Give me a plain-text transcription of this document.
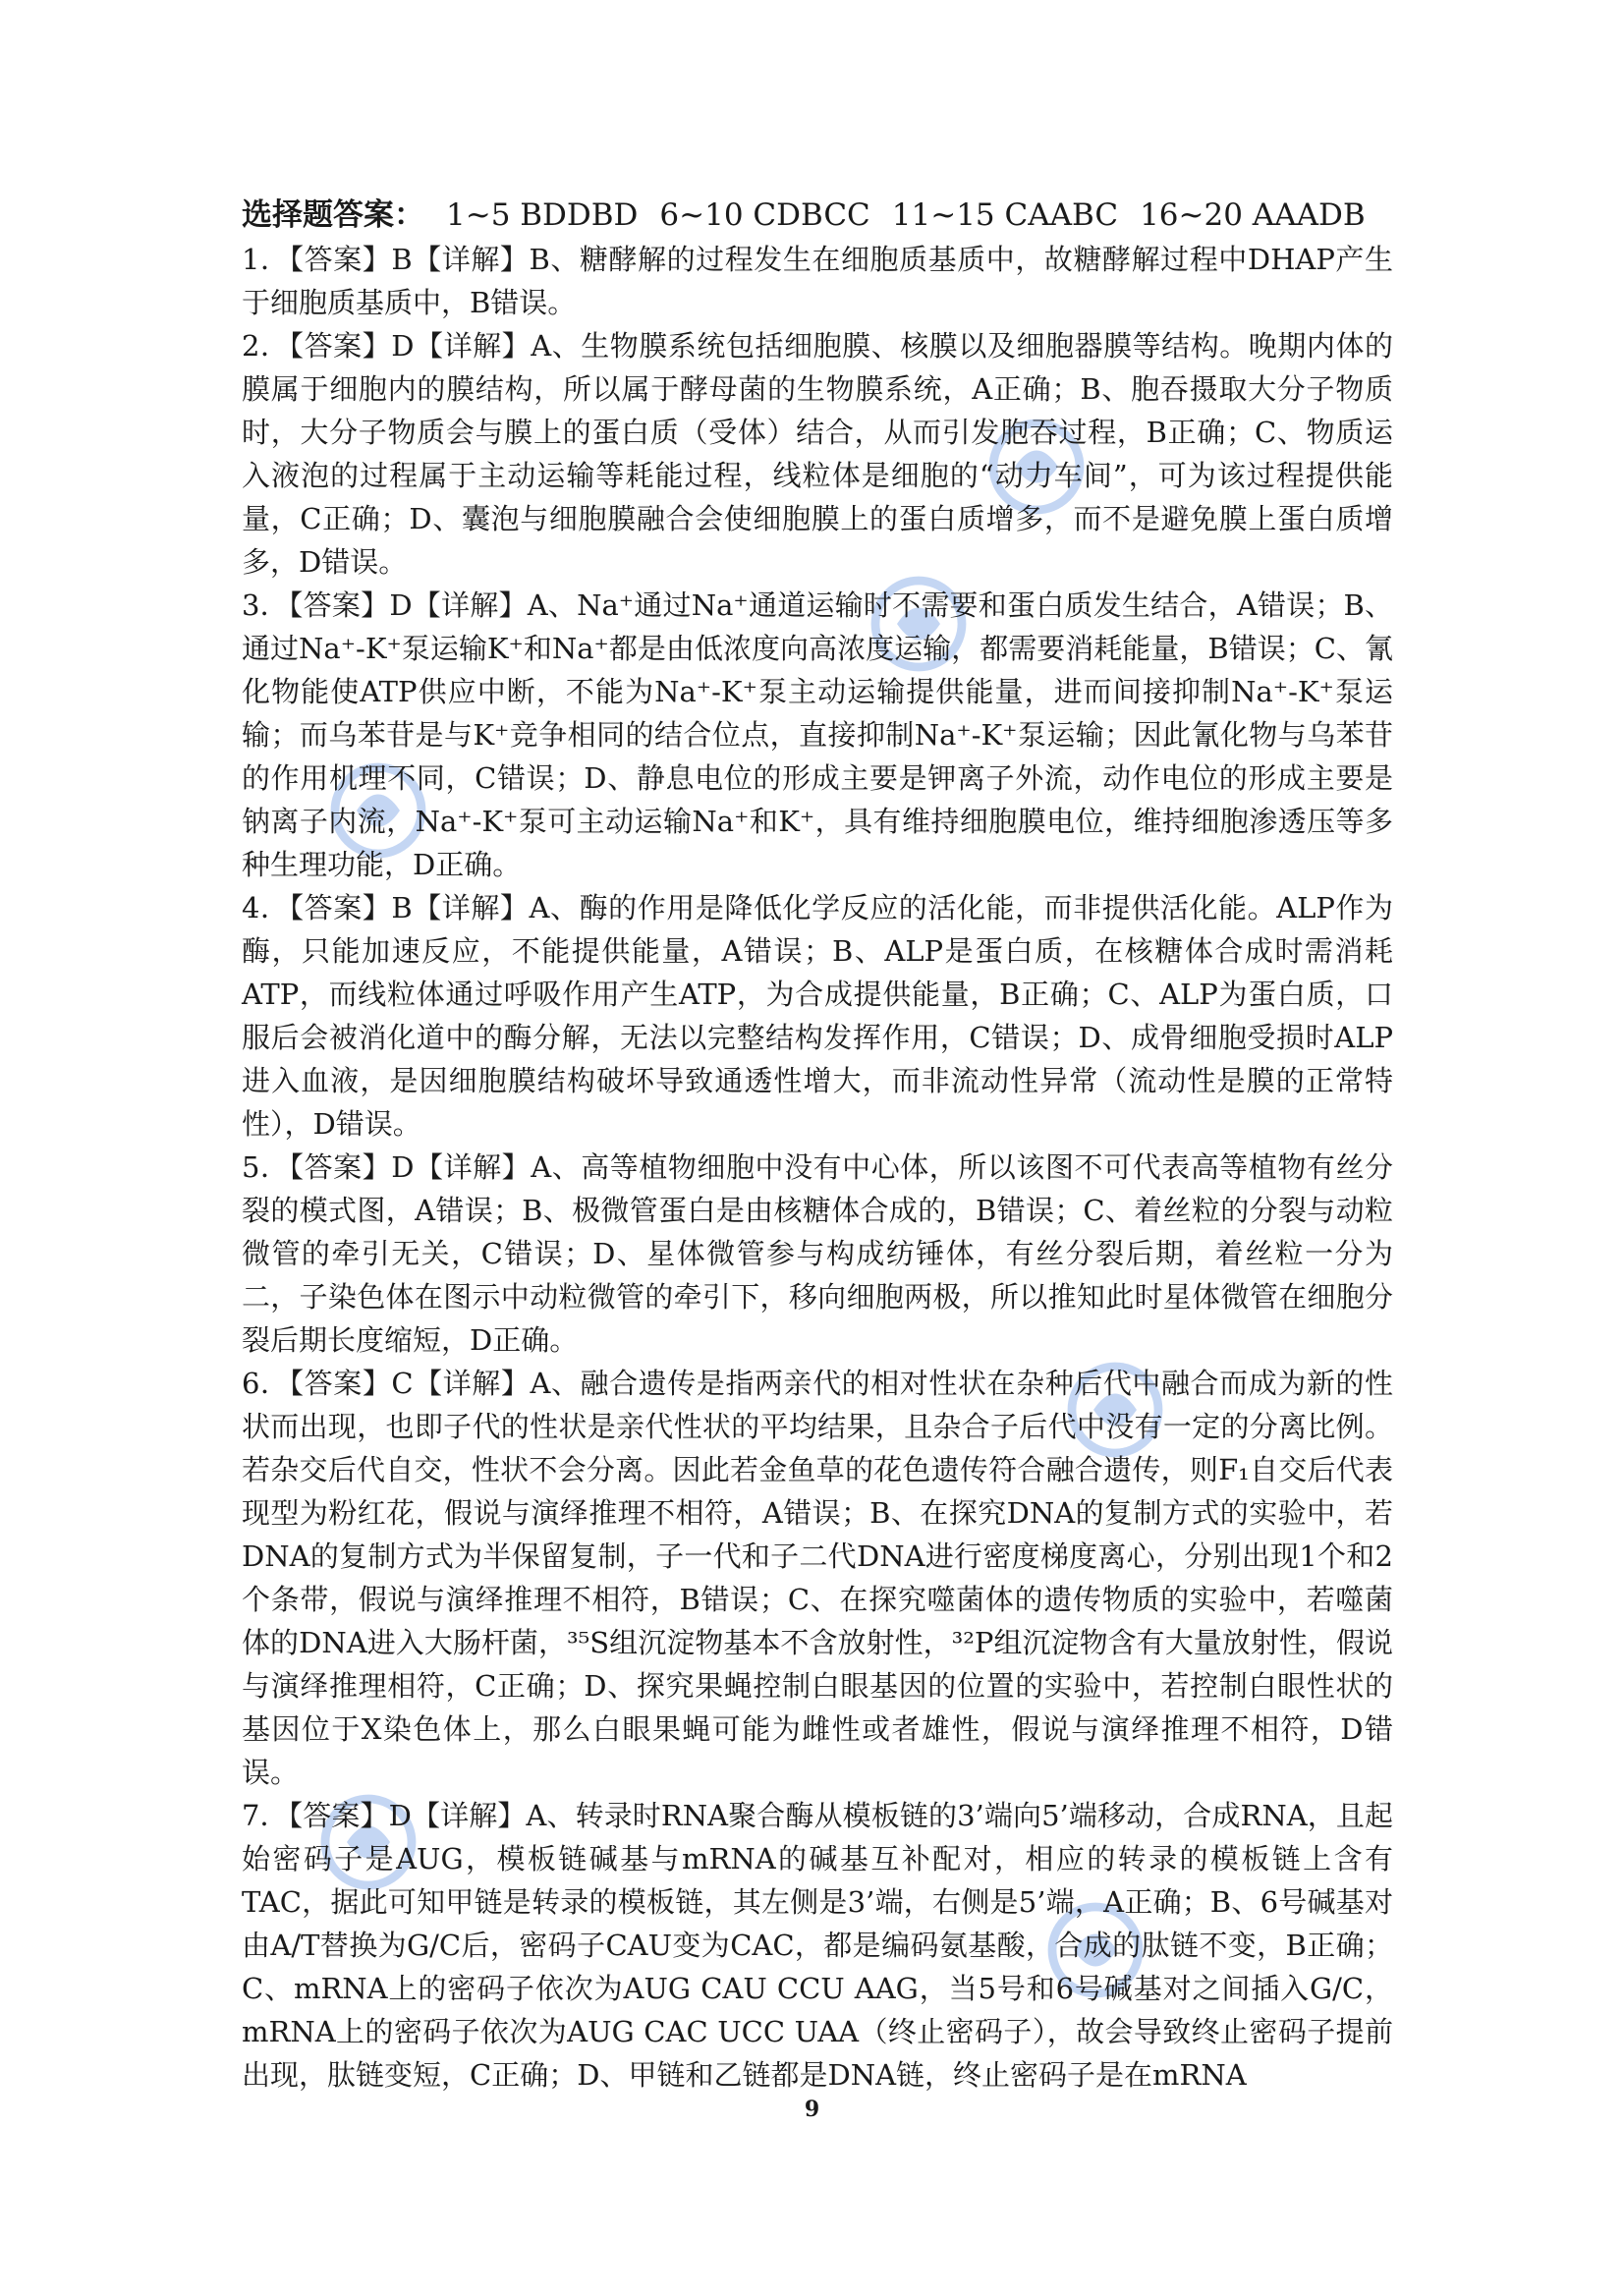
选择题答案： 1~5 BDDBD 6~10 CDBCC 11~15 CAABC 16~20 AAADB

1．【答案】B【详解】B、糖酵解的过程发生在细胞质基质中，故糖酵解过程中DHAP产生于细胞质基质中，B错误。

2．【答案】D【详解】A、生物膜系统包括细胞膜、核膜以及细胞器膜等结构。晚期内体的膜属于细胞内的膜结构，所以属于酵母菌的生物膜系统，A正确；B、胞吞摄取大分子物质时，大分子物质会与膜上的蛋白质（受体）结合，从而引发胞吞过程，B正确；C、物质运入液泡的过程属于主动运输等耗能过程，线粒体是细胞的“动力车间”，可为该过程提供能量，C正确；D、囊泡与细胞膜融合会使细胞膜上的蛋白质增多，而不是避免膜上蛋白质增多，D错误。

3．【答案】D【详解】A、Na⁺通过Na⁺通道运输时不需要和蛋白质发生结合，A错误；B、通过Na⁺-K⁺泵运输K⁺和Na⁺都是由低浓度向高浓度运输，都需要消耗能量，B错误；C、氰化物能使ATP供应中断，不能为Na⁺-K⁺泵主动运输提供能量，进而间接抑制Na⁺-K⁺泵运输；而乌苯苷是与K⁺竞争相同的结合位点，直接抑制Na⁺-K⁺泵运输；因此氰化物与乌苯苷的作用机理不同，C错误；D、静息电位的形成主要是钾离子外流，动作电位的形成主要是钠离子内流，Na⁺-K⁺泵可主动运输Na⁺和K⁺，具有维持细胞膜电位，维持细胞渗透压等多种生理功能，D正确。

4．【答案】B【详解】A、酶的作用是降低化学反应的活化能，而非提供活化能。ALP作为酶，只能加速反应，不能提供能量，A错误；B、ALP是蛋白质，在核糖体合成时需消耗ATP，而线粒体通过呼吸作用产生ATP，为合成提供能量，B正确；C、ALP为蛋白质，口服后会被消化道中的酶分解，无法以完整结构发挥作用，C错误；D、成骨细胞受损时ALP进入血液，是因细胞膜结构破坏导致通透性增大，而非流动性异常（流动性是膜的正常特性），D错误。

5．【答案】D【详解】A、高等植物细胞中没有中心体，所以该图不可代表高等植物有丝分裂的模式图，A错误；B、极微管蛋白是由核糖体合成的，B错误；C、着丝粒的分裂与动粒微管的牵引无关，C错误；D、星体微管参与构成纺锤体，有丝分裂后期，着丝粒一分为二，子染色体在图示中动粒微管的牵引下，移向细胞两极，所以推知此时星体微管在细胞分裂后期长度缩短，D正确。

6．【答案】C【详解】A、融合遗传是指两亲代的相对性状在杂种后代中融合而成为新的性状而出现，也即子代的性状是亲代性状的平均结果，且杂合子后代中没有一定的分离比例。若杂交后代自交，性状不会分离。因此若金鱼草的花色遗传符合融合遗传，则F₁自交后代表现型为粉红花，假说与演绎推理不相符，A错误；B、在探究DNA的复制方式的实验中，若DNA的复制方式为半保留复制，子一代和子二代DNA进行密度梯度离心，分别出现1个和2个条带，假说与演绎推理不相符，B错误；C、在探究噬菌体的遗传物质的实验中，若噬菌体的DNA进入大肠杆菌，³⁵S组沉淀物基本不含放射性，³²P组沉淀物含有大量放射性，假说与演绎推理相符，C正确；D、探究果蝇控制白眼基因的位置的实验中，若控制白眼性状的基因位于X染色体上，那么白眼果蝇可能为雌性或者雄性，假说与演绎推理不相符，D错误。

7．【答案】D【详解】A、转录时RNA聚合酶从模板链的3’端向5’端移动，合成RNA，且起始密码子是AUG，模板链碱基与mRNA的碱基互补配对，相应的转录的模板链上含有TAC，据此可知甲链是转录的模板链，其左侧是3’端，右侧是5’端，A正确；B、6号碱基对由A/T替换为G/C后，密码子CAU变为CAC，都是编码氨基酸，合成的肽链不变，B正确；C、mRNA上的密码子依次为AUG CAU CCU AAG，当5号和6号碱基对之间插入G/C，mRNA上的密码子依次为AUG CAC UCC UAA（终止密码子），故会导致终止密码子提前出现，肽链变短，C正确；D、甲链和乙链都是DNA链，终止密码子是在mRNA

9
